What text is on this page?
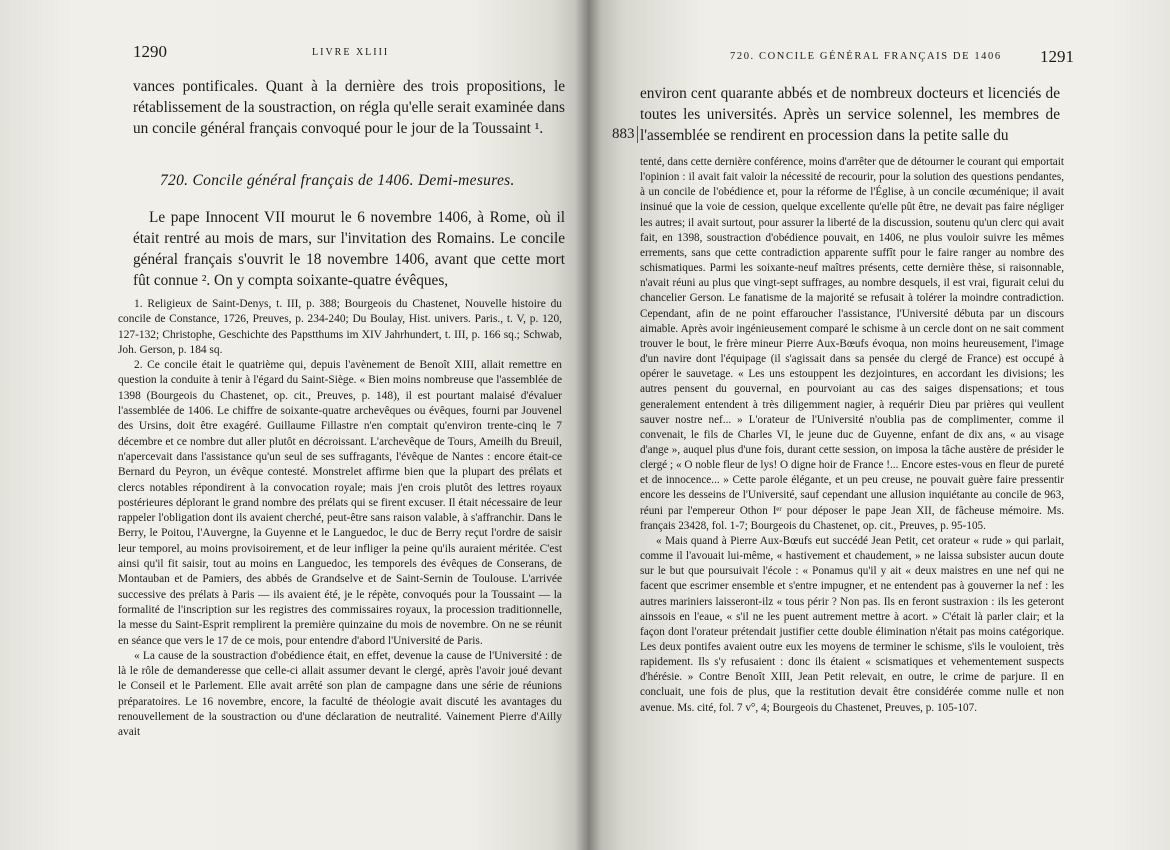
1290	LIVRE XLIII
vances pontificales. Quant à la dernière des trois propositions, le rétablissement de la soustraction, on régla qu'elle serait examinée dans un concile général français convoqué pour le jour de la Toussaint ¹.
720. Concile général français de 1406. Demi-mesures.
Le pape Innocent VII mourut le 6 novembre 1406, à Rome, où il était rentré au mois de mars, sur l'invitation des Romains. Le concile général français s'ouvrit le 18 novembre 1406, avant que cette mort fût connue ². On y compta soixante-quatre évêques,

1. Religieux de Saint-Denys, t. III, p. 388; Bourgeois du Chastenet, Nouvelle histoire du concile de Constance, 1726, Preuves, p. 234-240; Du Boulay, Hist. univers. Paris., t. V, p. 120, 127-132; Christophe, Geschichte des Papstthums im XIV Jahrhundert, t. III, p. 166 sq.; Schwab, Joh. Gerson, p. 184 sq.

2. Ce concile était le quatrième qui, depuis l'avènement de Benoît XIII, allait remettre en question la conduite à tenir à l'égard du Saint-Siège. « Bien moins nombreuse que l'assemblée de 1398 (Bourgeois du Chastenet, op. cit., Preuves, p. 148), il est pourtant malaisé d'évaluer l'assemblée de 1406. Le chiffre de soixante-quatre archevêques ou évêques, fourni par Jouvenel des Ursins, doit être exagéré. Guillaume Fillastre n'en comptait qu'environ trente-cinq le 7 décembre et ce nombre dut aller plutôt en décroissant. L'archevêque de Tours, Ameilh du Breuil, n'apercevait dans l'assistance qu'un seul de ses suffragants, l'évêque de Nantes : encore était-ce Bernard du Peyron, un évêque contesté. Monstrelet affirme bien que la plupart des prélats et clercs notables répondirent à la convocation royale; mais j'en crois plutôt des lettres royaux postérieures déplorant le grand nombre des prélats qui se firent excuser. Il était nécessaire de leur rappeler l'obligation dont ils avaient cherché, peut-être sans raison valable, à s'affranchir. Dans le Berry, le Poitou, l'Auvergne, la Guyenne et le Languedoc, le duc de Berry reçut l'ordre de saisir leur temporel, au moins provisoirement, et de leur infliger la peine qu'ils auraient méritée. C'est ainsi qu'il fit saisir, tout au moins en Languedoc, les temporels des évêques de Conserans, de Montauban et de Pamiers, des abbés de Grandselve et de Saint-Sernin de Toulouse. L'arrivée successive des prélats à Paris — ils avaient été, je le répète, convoqués pour la Toussaint — la formalité de l'inscription sur les registres des commissaires royaux, la procession traditionnelle, la messe du Saint-Esprit remplirent la première quinzaine du mois de novembre. On ne se réunit en séance que vers le 17 de ce mois, pour entendre d'abord l'Université de Paris.

« La cause de la soustraction d'obédience était, en effet, devenue la cause de l'Université : de là le rôle de demanderesse que celle-ci allait assumer devant le clergé, après l'avoir joué devant le Conseil et le Parlement. Elle avait arrêté son plan de campagne dans une série de réunions préparatoires. Le 16 novembre, encore, la faculté de théologie avait discuté les avantages du renouvellement de la soustraction ou d'une déclaration de neutralité. Vainement Pierre d'Ailly avait

720. CONCILE GÉNÉRAL FRANÇAIS DE 1406 1291
883
environ cent quarante abbés et de nombreux docteurs et licenciés de toutes les universités. Après un service solennel, les membres de l'assemblée se rendirent en procession dans la petite salle du

tenté, dans cette dernière conférence, moins d'arrêter que de détourner le courant qui emportait l'opinion : il avait fait valoir la nécessité de recourir, pour la solution des questions pendantes, à un concile de l'obédience et, pour la réforme de l'Église, à un concile œcuménique; il avait insinué que la voie de cession, quelque excellente qu'elle pût être, ne devait pas faire négliger les autres; il avait surtout, pour assurer la liberté de la discussion, soutenu qu'un clerc qui avait fait, en 1398, soustraction d'obédience pouvait, en 1406, ne plus vouloir suivre les mêmes errements, sans que cette contradiction apparente suffît pour le faire ranger au nombre des schismatiques. Parmi les soixante-neuf maîtres présents, cette dernière thèse, si raisonnable, n'avait réuni au plus que vingt-sept suffrages, au nombre desquels, il est vrai, figurait celui du chancelier Gerson. Le fanatisme de la majorité se refusait à tolérer la moindre contradiction. Cependant, afin de ne point effaroucher l'assistance, l'Université débuta par un discours aimable. Après avoir ingénieusement comparé le schisme à un cercle dont on ne sait comment trouver le bout, le frère mineur Pierre Aux-Bœufs évoqua, non moins heureusement, l'image d'un navire dont l'équipage (il s'agissait dans sa pensée du clergé de France) est occupé à opérer le sauvetage. « Les uns estouppent les dezjointures, en accordant les divisions; les autres pensent du gouvernal, en pourvoiant au cas des saiges dispensations; et tous generalement entendent à très diligemment nagier, à requérir Dieu par prières qui veullent sauver nostre nef... » L'orateur de l'Université n'oublia pas de complimenter, comme il convenait, le fils de Charles VI, le jeune duc de Guyenne, enfant de dix ans, « au visage d'ange », auquel plus d'une fois, durant cette session, on imposa la tâche austère de présider le clergé ; « O noble fleur de lys! O digne hoir de France !... Encore estes-vous en fleur de pureté et de innocence... » Cette parole élégante, et un peu creuse, ne pouvait guère faire pressentir encore les desseins de l'Université, sauf cependant une allusion inquiétante au concile de 963, réuni par l'empereur Othon Iᵉʳ pour déposer le pape Jean XII, de fâcheuse mémoire. Ms. français 23428, fol. 1-7; Bourgeois du Chastenet, op. cit., Preuves, p. 95-105.

« Mais quand à Pierre Aux-Bœufs eut succédé Jean Petit, cet orateur « rude » qui parlait, comme il l'avouait lui-même, « hastivement et chaudement, » ne laissa subsister aucun doute sur le but que poursuivait l'école : « Ponamus qu'il y ait « deux maistres en une nef qui ne facent que escrimer ensemble et s'entre impugner, et ne entendent pas à gouverner la nef : les autres mariniers laisseront-ilz « tous périr ? Non pas. Ils en feront sustraxion : ils les geteront ainssois en l'eaue, « s'il ne les puent autrement mettre à acort. » C'était là parler clair; et la façon dont l'orateur prétendait justifier cette double élimination n'était pas moins catégorique. Les deux pontifes avaient outre eux les moyens de terminer le schisme, s'ils le vouloient, très rapidement. Ils s'y refusaient : donc ils étaient « scismatiques et vehementement suspects d'hérésie. » Contre Benoît XIII, Jean Petit relevait, en outre, le crime de parjure. Il en concluait, une fois de plus, que la restitution devait être considérée comme nulle et non avenue. Ms. cité, fol. 7 v°, 4; Bourgeois du Chastenet, Preuves, p. 105-107.
